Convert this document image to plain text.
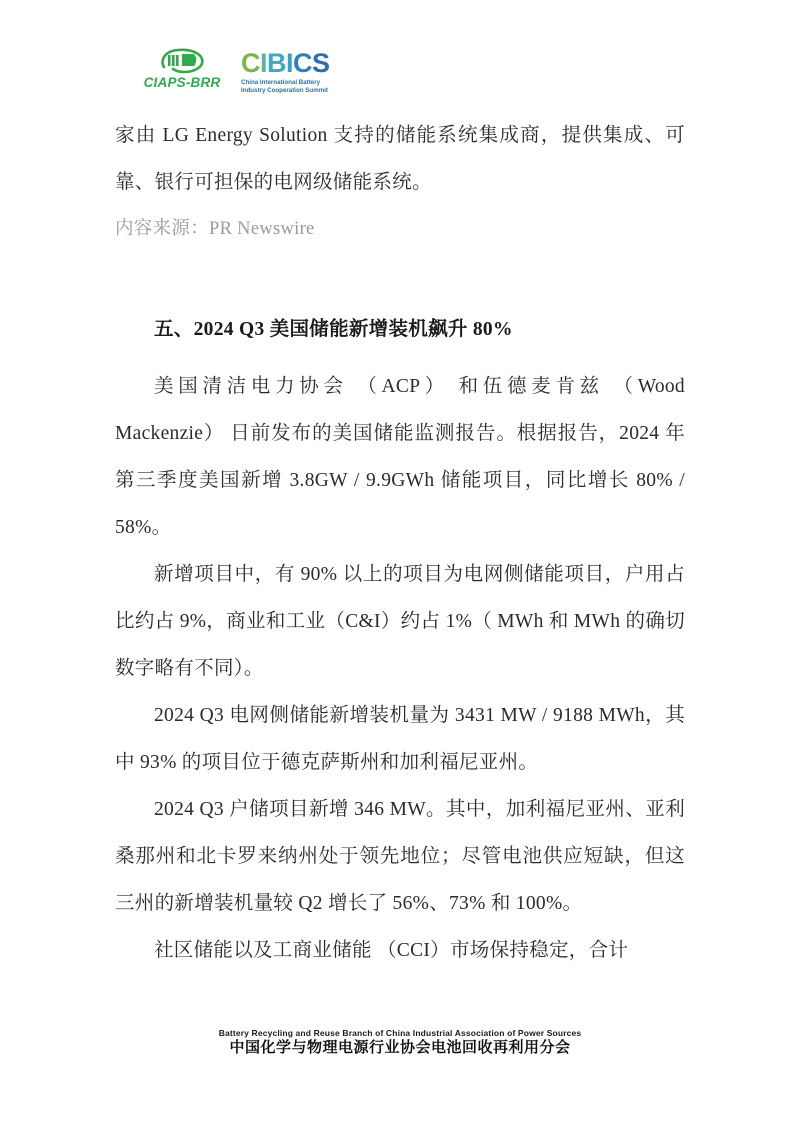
CIAPS-BRR
CIBICS
China International Battery
Industry Cooperation Summit

家由 LG Energy Solution 支持的储能系统集成商，提供集成、可靠、银行可担保的电网级储能系统。

内容来源：PR Newswire

五、2024 Q3 美国储能新增装机飙升 80%

美国清洁电力协会 （ACP） 和伍德麦肯兹 （Wood Mackenzie） 日前发布的美国储能监测报告。根据报告，2024 年第三季度美国新增 3.8GW / 9.9GWh 储能项目，同比增长 80% / 58%。

新增项目中，有 90% 以上的项目为电网侧储能项目，户用占比约占 9%，商业和工业（C&I）约占 1%（ MWh 和 MWh 的确切数字略有不同）。

2024 Q3 电网侧储能新增装机量为 3431 MW / 9188 MWh，其中 93% 的项目位于德克萨斯州和加利福尼亚州。

2024 Q3 户储项目新增 346 MW。其中，加利福尼亚州、亚利桑那州和北卡罗来纳州处于领先地位；尽管电池供应短缺，但这三州的新增装机量较 Q2 增长了 56%、73% 和 100%。

社区储能以及工商业储能 （CCI）市场保持稳定，合计

Battery Recycling and Reuse Branch of China Industrial Association of Power Sources
中国化学与物理电源行业协会电池回收再利用分会
